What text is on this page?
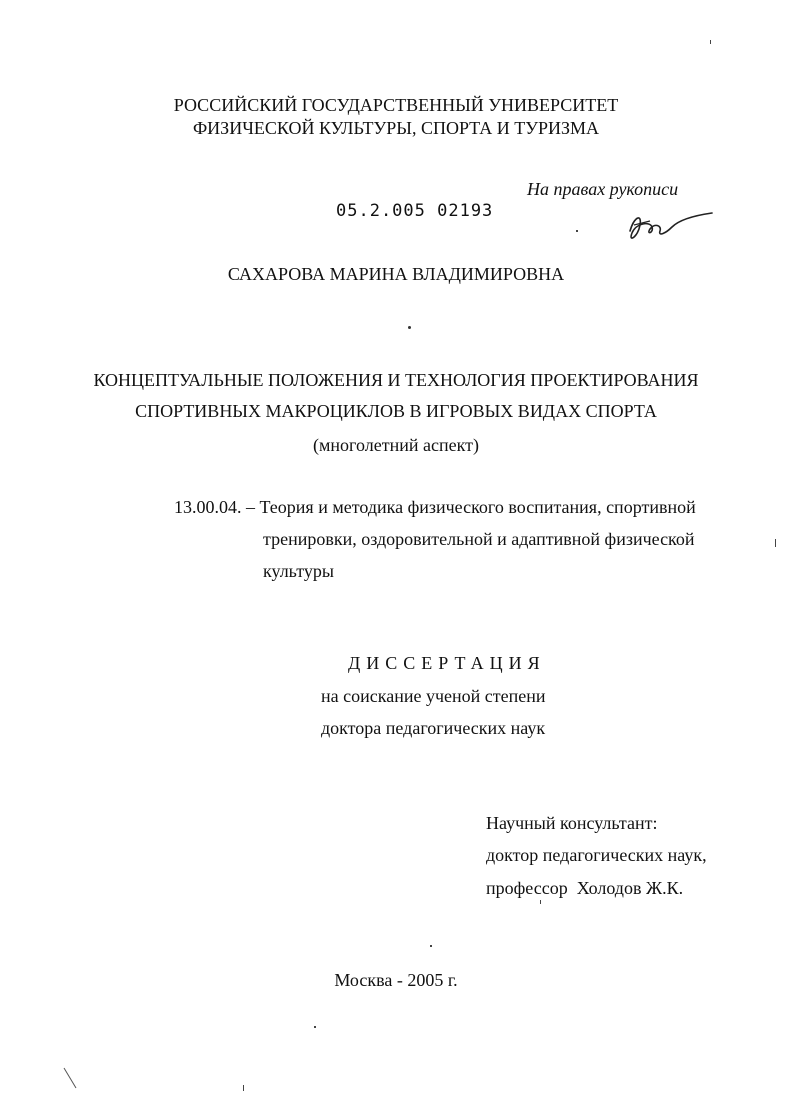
РОССИЙСКИЙ ГОСУДАРСТВЕННЫЙ УНИВЕРСИТЕТ
ФИЗИЧЕСКОЙ КУЛЬТУРЫ, СПОРТА И ТУРИЗМА
На правах рукописи
05.2.005 02193
САХАРОВА МАРИНА ВЛАДИМИРОВНА
КОНЦЕПТУАЛЬНЫЕ ПОЛОЖЕНИЯ И ТЕХНОЛОГИЯ ПРОЕКТИРОВАНИЯ
СПОРТИВНЫХ МАКРОЦИКЛОВ В ИГРОВЫХ ВИДАХ СПОРТА
(многолетний аспект)
13.00.04. – Теория и методика физического воспитания, спортивной
тренировки, оздоровительной и адаптивной физической
культуры
ДИССЕРТАЦИЯ
на соискание ученой степени
доктора педагогических наук
Научный консультант:
доктор педагогических наук,
профессор  Холодов Ж.К.
Москва - 2005 г.
